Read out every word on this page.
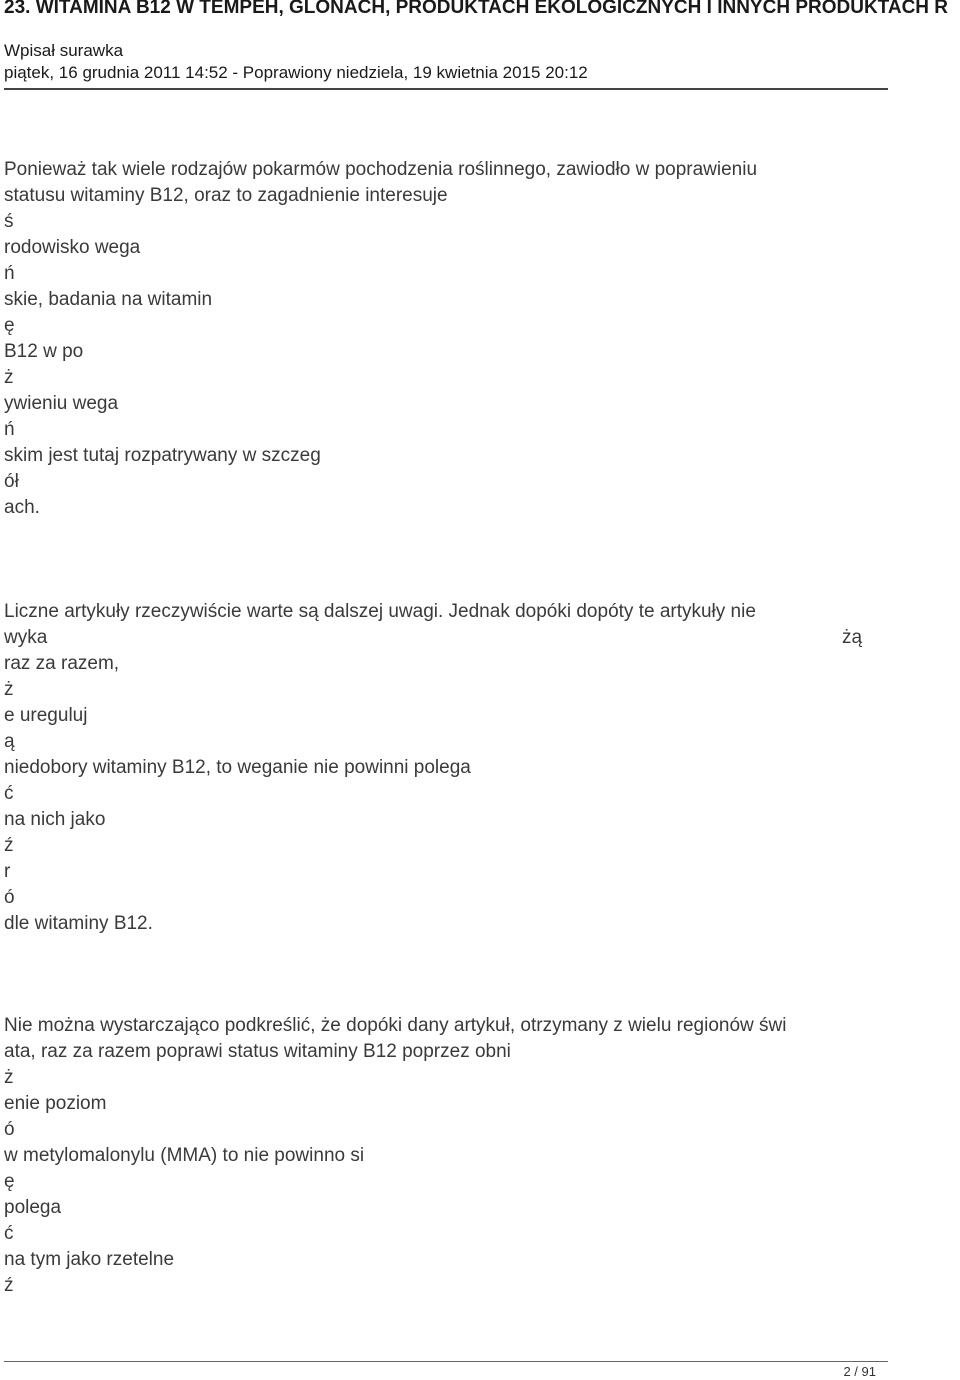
23. WITAMINA B12 W TEMPEH, GLONACH, PRODUKTACH EKOLOGICZNYCH I INNYCH PRODUKTACH R
Wpisał surawka
piątek, 16 grudnia 2011 14:52 - Poprawiony niedziela, 19 kwietnia 2015 20:12
Ponieważ tak wiele rodzajów pokarmów pochodzenia roślinnego, zawiodło w poprawieniu
statusu witaminy B12, oraz to zagadnienie interesuje
ś
rodowisko wega
ń
skie, badania na witamin
ę
B12 w po
ż
ywieniu wega
ń
skim jest tutaj rozpatrywany w szczeg
ół
ach.
Liczne artykuły rzeczywiście warte są dalszej uwagi. Jednak dopóki dopóty te artykuły nie
wyka	żą
raz za razem,
ż
e ureguluj
ą
niedobory witaminy B12, to weganie nie powinni polega
ć
na nich jako
ź
r
ó
dle witaminy B12.
Nie można wystarczająco podkreślić, że dopóki dany artykuł, otrzymany z wielu regionów świ
ata, raz za razem poprawi status witaminy B12 poprzez obni
ż
enie poziom
ó
w metylomalonylu (MMA) to nie powinno si
ę
polega
ć
na tym jako rzetelne
ź
2 / 91
